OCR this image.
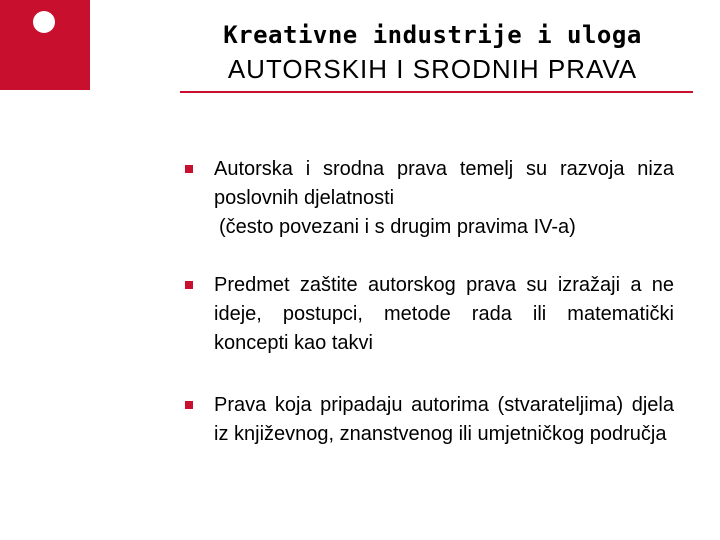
Kreativne industrije i uloga
AUTORSKIH I SRODNIH PRAVA
Autorska i srodna prava temelj su razvoja niza poslovnih djelatnosti
(često povezani i s drugim pravima IV-a)
Predmet zaštite autorskog prava su izražaji a ne ideje, postupci, metode rada ili matematički koncepti kao takvi
Prava koja pripadaju autorima (stvarateljima) djela iz književnog, znanstvenog ili umjetničkog područja
